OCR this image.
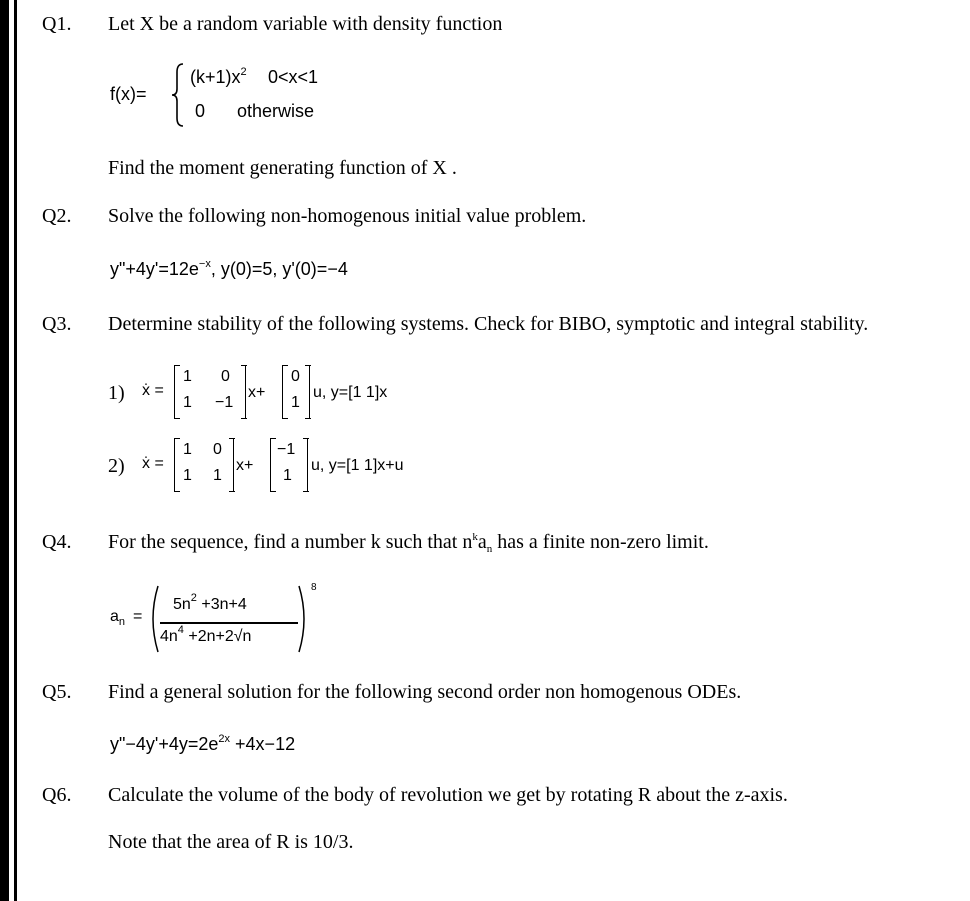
Q1. Let X be a random variable with density function
f(x)=
$(k+1)x^2$ 0<x<1
0 otherwise
Find the moment generating function of X .
Q2. Solve the following non-homogenous initial value problem.
$y"+4y'=12e^{-x}$, y(0)=5, y'(0)=−4
Q3. Determine stability of the following systems. Check for BIBO, symptotic and integral stability.
1) ẋ =
1 0
1 −1
x+
0
1
u, y=[1 1]x
2) ẋ =
1 0
1 1
x+
−1
1
u, y=[1 1]x+u
Q4. For the sequence, find a number k such that $n^ka_n$ has a finite non-zero limit.
$a_n$ =
$5n^2 +3n+4$
$4n^4 +2n+2√n$
8
Q5. Find a general solution for the following second order non homogenous ODEs.
$y"-4y'+4y=2e^{2x} +4x-12$
Q6. Calculate the volume of the body of revolution we get by rotating R about the z-axis.
Note that the area of R is 10/3.
